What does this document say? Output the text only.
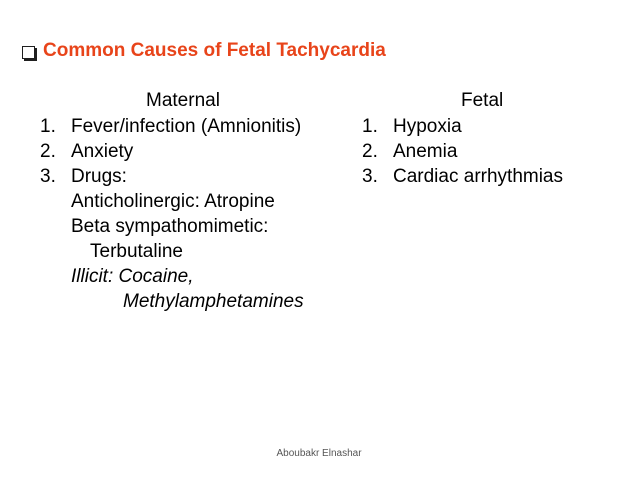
Common Causes of Fetal Tachycardia
Maternal	Fetal
1. Fever/infection (Amnionitis)
2. Anxiety
3. Drugs:
Anticholinergic: Atropine
Beta sympathomimetic:
Terbutaline
Illicit: Cocaine,
Methylamphetamines
1. Hypoxia
2. Anemia
3. Cardiac arrhythmias
Aboubakr Elnashar
